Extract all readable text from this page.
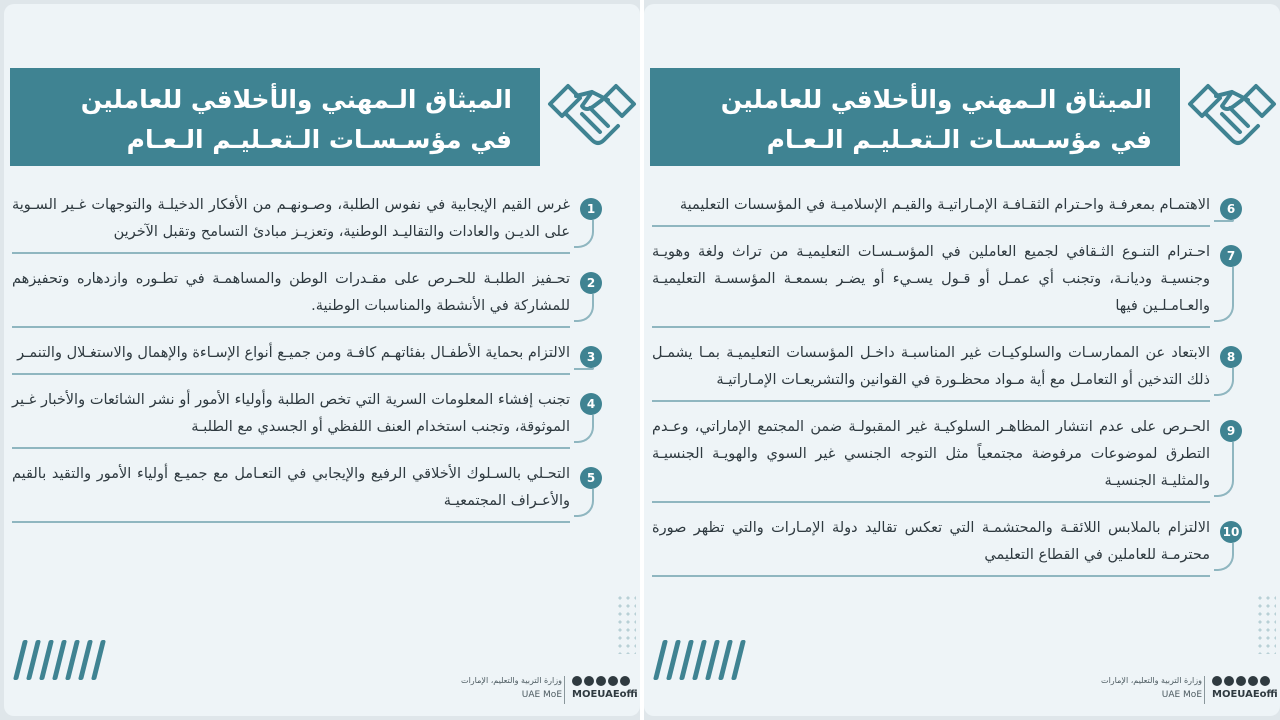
الميثاق الـمهني والأخلاقي للعاملين
في مؤسـسـات الـتعـليـم الـعـام
1
غرس القيم الإيجابية في نفوس الطلبة، وصـونهـم من الأفكار الدخيلـة والتوجهات غـير السـوية على الديـن والعادات والتقاليـد الوطنية، وتعزيـز مبادئ التسامح وتقبل الآخرين
2
تحـفيز الطلبـة للحـرص على مقـدرات الوطن والمساهمـة في تطـوره وازدهاره وتحفيزهم للمشاركة في الأنشطة والمناسبات الوطنية.
3
الالتزام بحماية الأطفـال بفئاتهـم كافـة ومن جميـع أنواع الإسـاءة والإهمال والاستغـلال والتنمـر
4
تجنب إفشاء المعلومات السرية التي تخص الطلبة وأولياء الأمور أو نشر الشائعات والأخبار غـير الموثوقة، وتجنب استخدام العنف اللفظي أو الجسدي مع الطلبـة
5
التحـلي بالسـلوك الأخلاقي الرفيع والإيجابي في التعـامل مع جميـع أولياء الأمور والتقيد بالقيم والأعـراف المجتمعيـة
وزارة التربية والتعليم، الإمارات
UAE MoE MOEUAEoffi
الميثاق الـمهني والأخلاقي للعاملين
في مؤسـسـات الـتعـليـم الـعـام
6
الاهتمـام بمعرفـة واحـترام الثقـافـة الإمـاراتيـة والقيـم الإسلاميـة في المؤسسات التعليمية
7
احـترام التنـوع الثـقافي لجميع العاملين في المؤسـسـات التعليميـة من تراث ولغة وهويـة وجنسيـة وديانـة، وتجنب أي عمـل أو قـول يسـيء أو يضـر بسمعـة المؤسسـة التعليميـة والعـامـلـين فيها
8
الابتعاد عن الممارسـات والسلوكيـات غير المناسبـة داخـل المؤسسات التعليميـة بمـا يشمـل ذلك التدخين أو التعامـل مع أية مـواد محظـورة في القوانين والتشريعـات الإمـاراتيـة
9
الحـرص على عدم انتشار المظاهـر السلوكيـة غير المقبولـة ضمن المجتمع الإماراتي، وعـدم التطرق لموضوعات مرفوضة مجتمعياً مثل التوجه الجنسي غير السوي والهويـة الجنسيـة والمثليـة الجنسيـة
10
الالتزام بالملابس اللائقـة والمحتشمـة التي تعكس تقاليد دولة الإمـارات والتي تظهر صورة محترمـة للعاملين في القطاع التعليمي
وزارة التربية والتعليم، الإمارات
UAE MoE MOEUAEoffi
